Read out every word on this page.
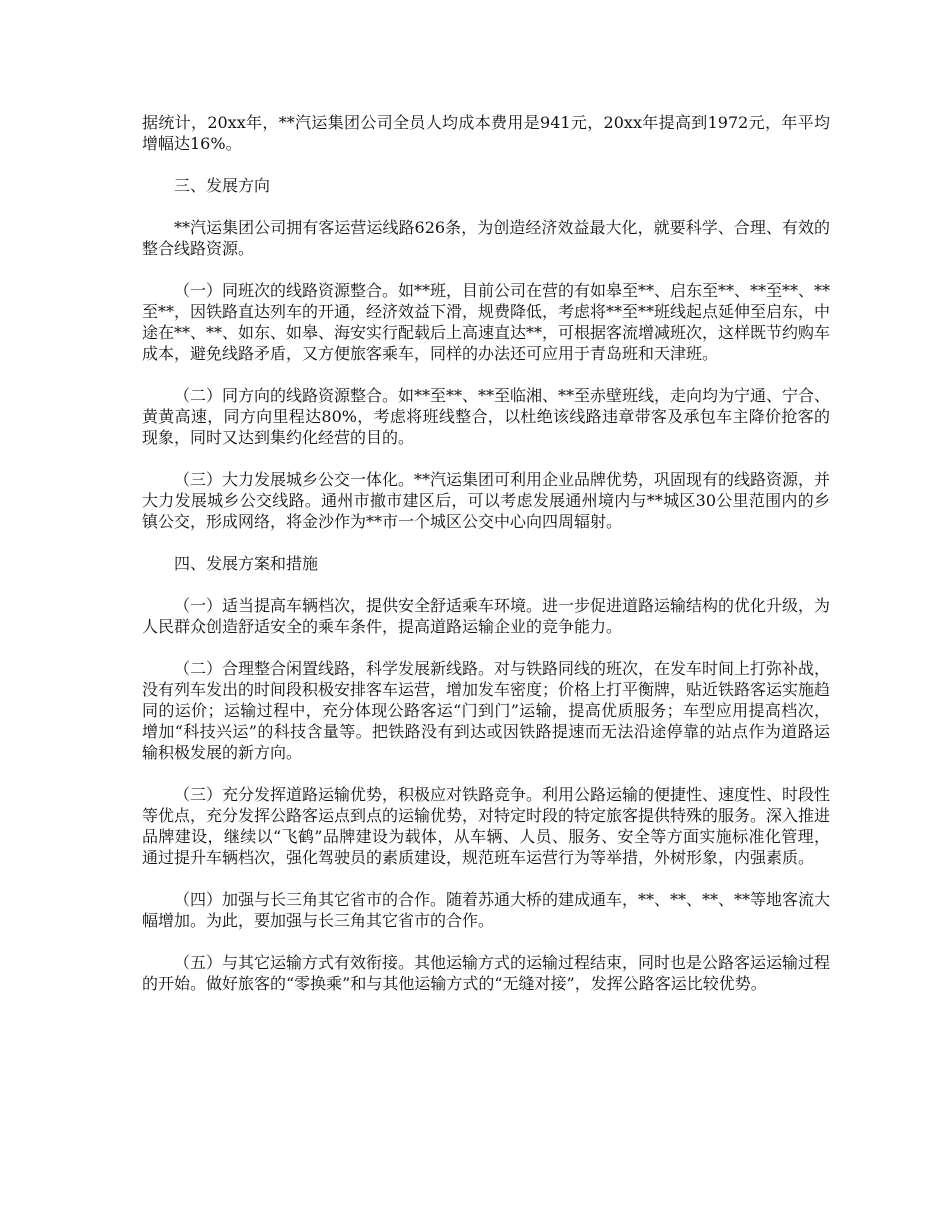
据统计，20xx年，**汽运集团公司全员人均成本费用是941元，20xx年提高到1972元，年平均增幅达16%。

三、发展方向

**汽运集团公司拥有客运营运线路626条，为创造经济效益最大化，就要科学、合理、有效的整合线路资源。

（一）同班次的线路资源整合。如**班，目前公司在营的有如皋至**、启东至**、**至**、**至**，因铁路直达列车的开通，经济效益下滑，规费降低，考虑将**至**班线起点延伸至启东，中途在**、**、如东、如皋、海安实行配载后上高速直达**，可根据客流增减班次，这样既节约购车成本，避免线路矛盾，又方便旅客乘车，同样的办法还可应用于青岛班和天津班。

（二）同方向的线路资源整合。如**至**、**至临湘、**至赤壁班线，走向均为宁通、宁合、黄黄高速，同方向里程达80%，考虑将班线整合，以杜绝该线路违章带客及承包车主降价抢客的现象，同时又达到集约化经营的目的。

（三）大力发展城乡公交一体化。**汽运集团可利用企业品牌优势，巩固现有的线路资源，并大力发展城乡公交线路。通州市撤市建区后，可以考虑发展通州境内与**城区30公里范围内的乡镇公交，形成网络，将金沙作为**市一个城区公交中心向四周辐射。

四、发展方案和措施

（一）适当提高车辆档次，提供安全舒适乘车环境。进一步促进道路运输结构的优化升级，为人民群众创造舒适安全的乘车条件，提高道路运输企业的竞争能力。

（二）合理整合闲置线路，科学发展新线路。对与铁路同线的班次，在发车时间上打弥补战，没有列车发出的时间段积极安排客车运营，增加发车密度；价格上打平衡牌，贴近铁路客运实施趋同的运价；运输过程中，充分体现公路客运“门到门”运输，提高优质服务；车型应用提高档次，增加“科技兴运”的科技含量等。把铁路没有到达或因铁路提速而无法沿途停靠的站点作为道路运输积极发展的新方向。

（三）充分发挥道路运输优势，积极应对铁路竞争。利用公路运输的便捷性、速度性、时段性等优点，充分发挥公路客运点到点的运输优势，对特定时段的特定旅客提供特殊的服务。深入推进品牌建设，继续以“飞鹤”品牌建设为载体，从车辆、人员、服务、安全等方面实施标准化管理，通过提升车辆档次，强化驾驶员的素质建设，规范班车运营行为等举措，外树形象，内强素质。

（四）加强与长三角其它省市的合作。随着苏通大桥的建成通车，**、**、**、**等地客流大幅增加。为此，要加强与长三角其它省市的合作。

（五）与其它运输方式有效衔接。其他运输方式的运输过程结束，同时也是公路客运运输过程的开始。做好旅客的“零换乘”和与其他运输方式的“无缝对接”，发挥公路客运比较优势。
